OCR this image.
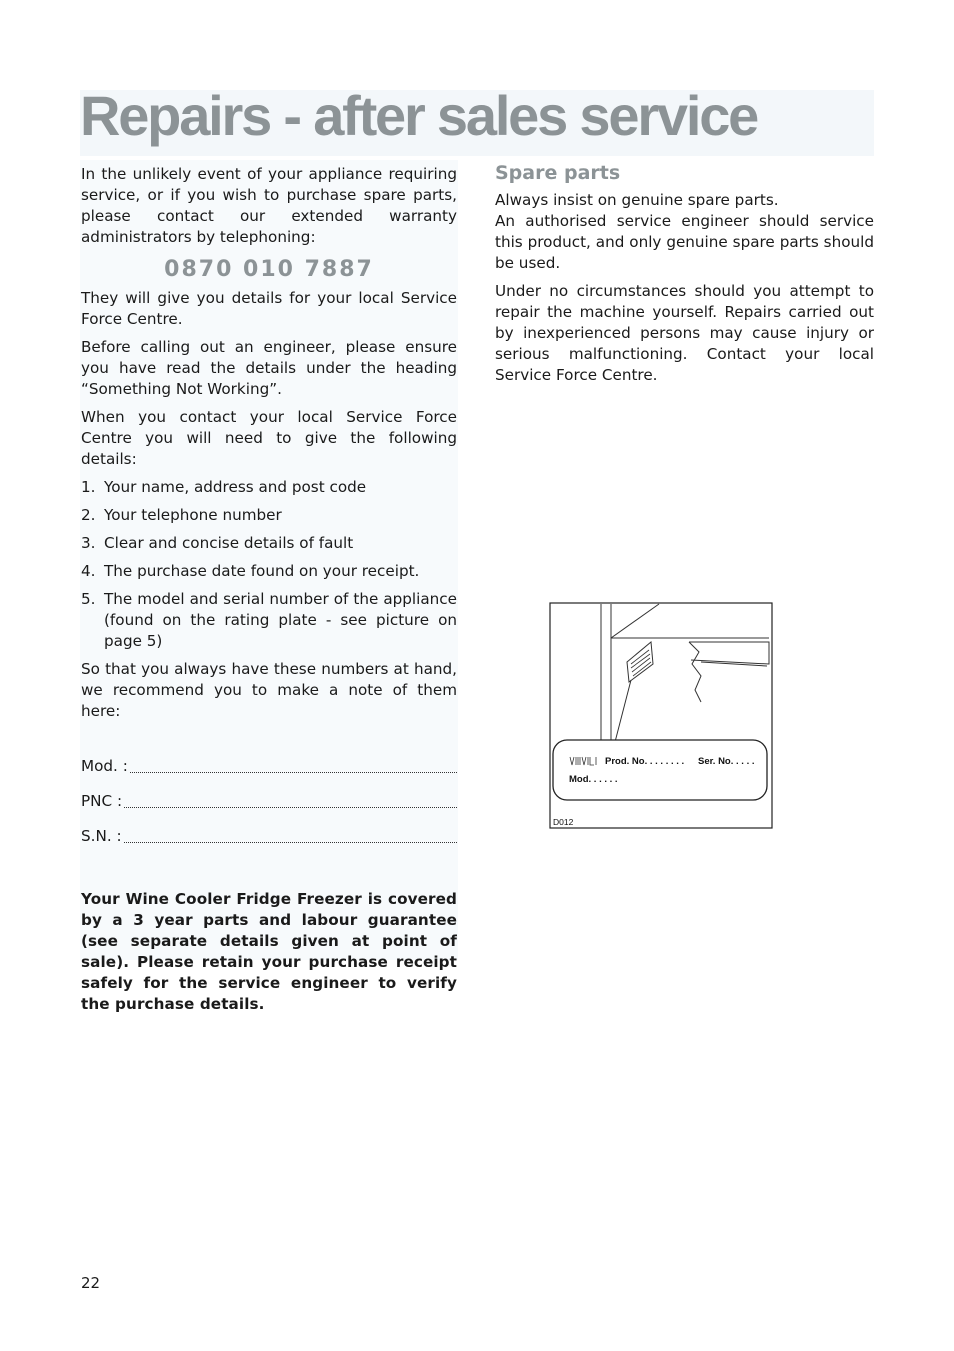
Repairs - after sales service

In the unlikely event of your appliance requiring service, or if you wish to purchase spare parts, please contact our extended warranty administrators by telephoning:

0870 010 7887

They will give you details for your local Service Force Centre.

Before calling out an engineer, please ensure you have read the details under the heading “Something Not Working”.

When you contact your local Service Force Centre you will need to give the following details:

1. Your name, address and post code
2. Your telephone number
3. Clear and concise details of fault
4. The purchase date found on your receipt.
5. The model and serial number of the appliance (found on the rating plate - see picture on page 5)

So that you always have these numbers at hand, we recommend you to make a note of them here:

Mod. :
PNC :
S.N. :

Your Wine Cooler Fridge Freezer is covered by a 3 year parts and labour guarantee (see separate details given at point of sale). Please retain your purchase receipt safely for the service engineer to verify the purchase details.

Spare parts

Always insist on genuine spare parts.

An authorised service engineer should service this product, and only genuine spare parts should be used.

Under no circumstances should you attempt to repair the machine yourself. Repairs carried out by inexperienced persons may cause injury or serious malfunctioning. Contact your local Service Force Centre.

Prod. No. . . . . . . . Ser. No. . . . .
Mod. . . . . .
D012
22
